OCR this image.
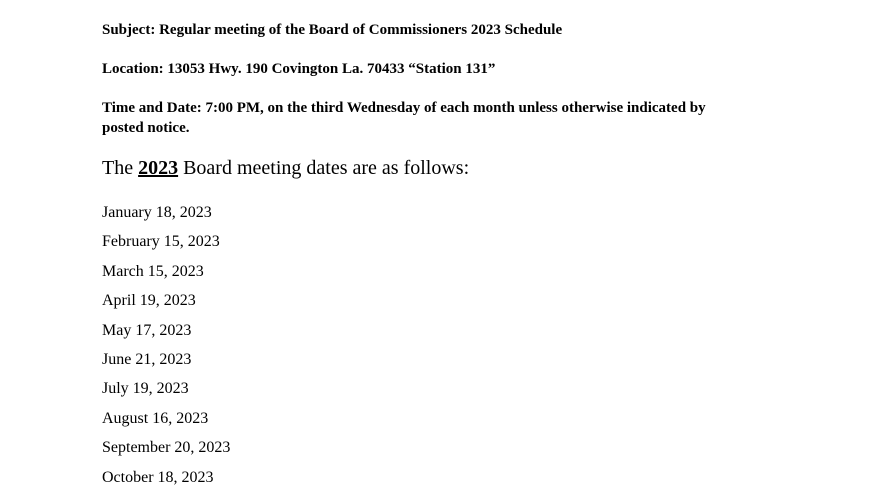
Subject: Regular meeting of the Board of Commissioners 2023 Schedule
Location: 13053 Hwy. 190 Covington La. 70433 “Station 131”
Time and Date: 7:00 PM, on the third Wednesday of each month unless otherwise indicated by posted notice.
The 2023 Board meeting dates are as follows:
January 18, 2023
February 15, 2023
March 15, 2023
April 19, 2023
May 17, 2023
June 21, 2023
July 19, 2023
August 16, 2023
September 20, 2023
October 18, 2023
